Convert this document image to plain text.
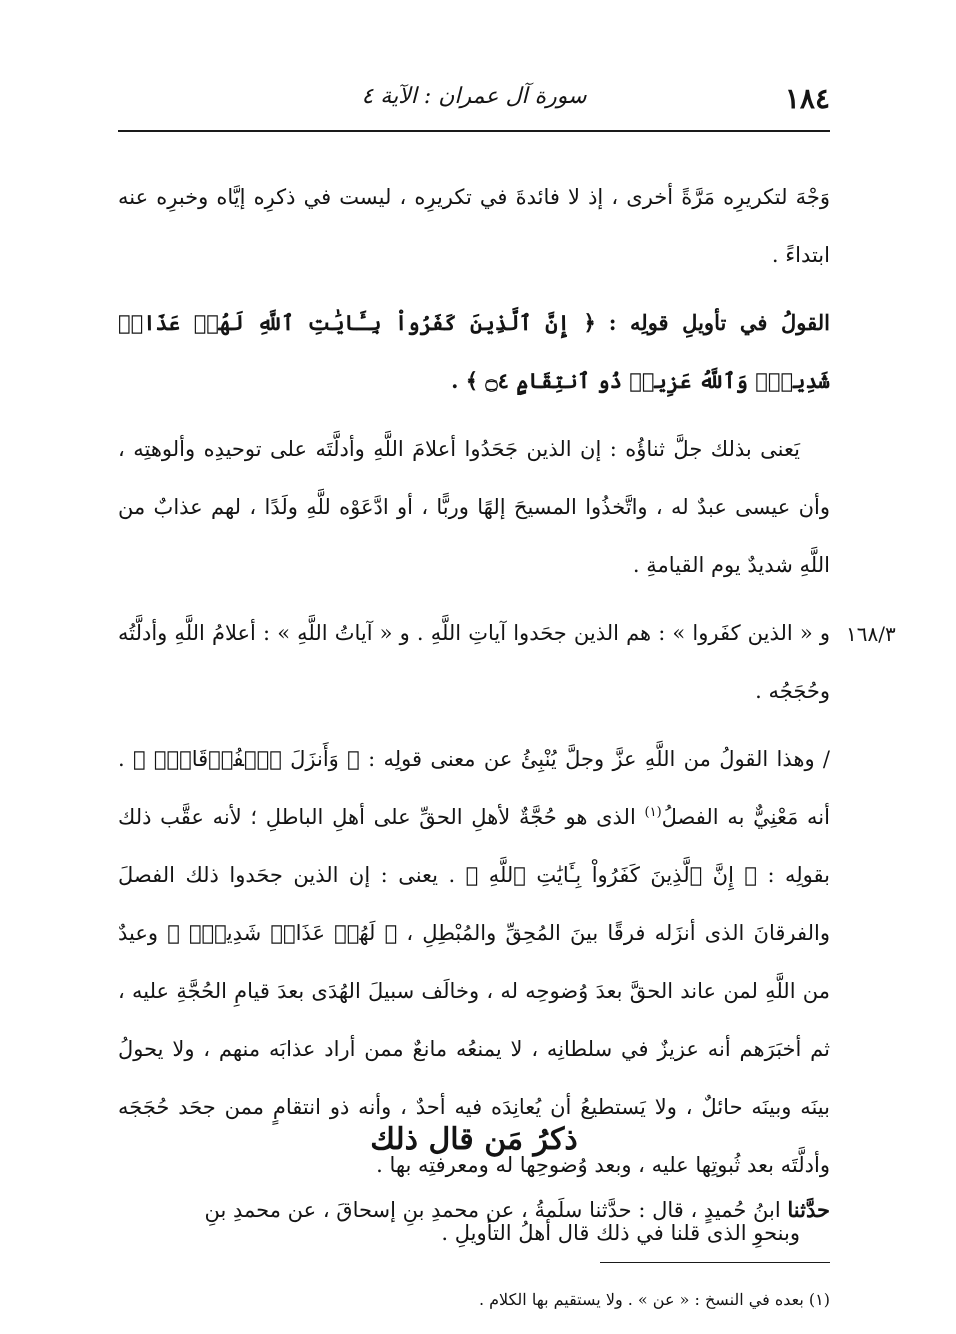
١٨٤
سورة آل عمران : الآية ٤
١٦٨/٣

وَجْهَ لتكريرِه مَرَّةً أخرى ، إذ لا فائدةَ في تكريرِه ، ليست في ذكرِه إيَّاه وخبرِه عنه ابتداءً .

القولُ في تأويلِ قولِه : ﴿ إِنَّ ٱلَّذِينَ كَفَرُواْ بِـَٔايَٰتِ ٱللَّهِ لَهُمۡ عَذَابٞ شَدِيدٞۗ وَٱللَّهُ عَزِيزٞ ذُو ٱنتِقَامٍ ۝٤ ﴾ .

يَعنى بذلك جلَّ ثناؤُه : إن الذين جَحَدُوا أعلامَ اللَّهِ وأدلَّتَه على توحيدِه وألوهتِه ، وأن عيسى عبدٌ له ، واتَّخذُوا المسيحَ إلهًا وربًّا ، أو ادَّعَوْه للَّهِ ولَدًا ، لهم عذابٌ من اللَّهِ شديدٌ يوم القيامةِ .

و « الذين كفَروا » : هم الذين جحَدوا آياتِ اللَّهِ . و « آياتُ اللَّهِ » : أعلامُ اللَّهِ وأدلَّتُه وحُجَجُه .

/ وهذا القولُ من اللَّهِ عزَّ وجلَّ يُنْبِئُ عن معنى قولِه : ﴿ وَأَنزَلَ ٱلۡفُرۡقَانَۗ ﴾ . أنه مَعْنِيٌّ به الفصلُ$^{(١)}$ الذى هو حُجَّةٌ لأهلِ الحقِّ على أهلِ الباطلِ ؛ لأنه عقَّب ذلك بقولِه : ﴿ إِنَّ ٱلَّذِينَ كَفَرُواْ بِـَٔايَٰتِ ٱللَّهِ ﴾ . يعنى : إن الذين جحَدوا ذلك الفصلَ والفرقانَ الذى أنزَله فرقًا بينَ المُحِقِّ والمُبْطِلِ ، ﴿ لَهُمۡ عَذَابٞ شَدِيدٞۗ ﴾ وعيدٌ من اللَّهِ لمن عاند الحقَّ بعدَ وُضوحِه له ، وخالَف سبيلَ الهُدَى بعدَ قيامِ الحُجَّةِ عليه ، ثم أخبَرَهم أنه عزيزٌ في سلطانِه ، لا يمنعُه مانعٌ ممن أراد عذابَه منهم ، ولا يحولُ بينَه وبينَه حائلٌ ، ولا يَستطيعُ أن يُعانِدَه فيه أحدٌ ، وأنه ذو انتقامٍ ممن جحَد حُجَجَه وأدلَّتَه بعد ثُبوتِها عليه ، وبعد وُضوحِها له ومعرفتِه بها .

وبنحوِ الذى قلنا في ذلك قال أهلُ التأويلِ .

ذكرُ مَن قال ذلك
حدَّثنا ابنُ حُميدٍ ، قال : حدَّثنا سلَمةُ ، عن محمدِ بنِ إسحاقَ ، عن محمدِ بنِ
(١) بعده في النسخ : « عن » . ولا يستقيم بها الكلام .
